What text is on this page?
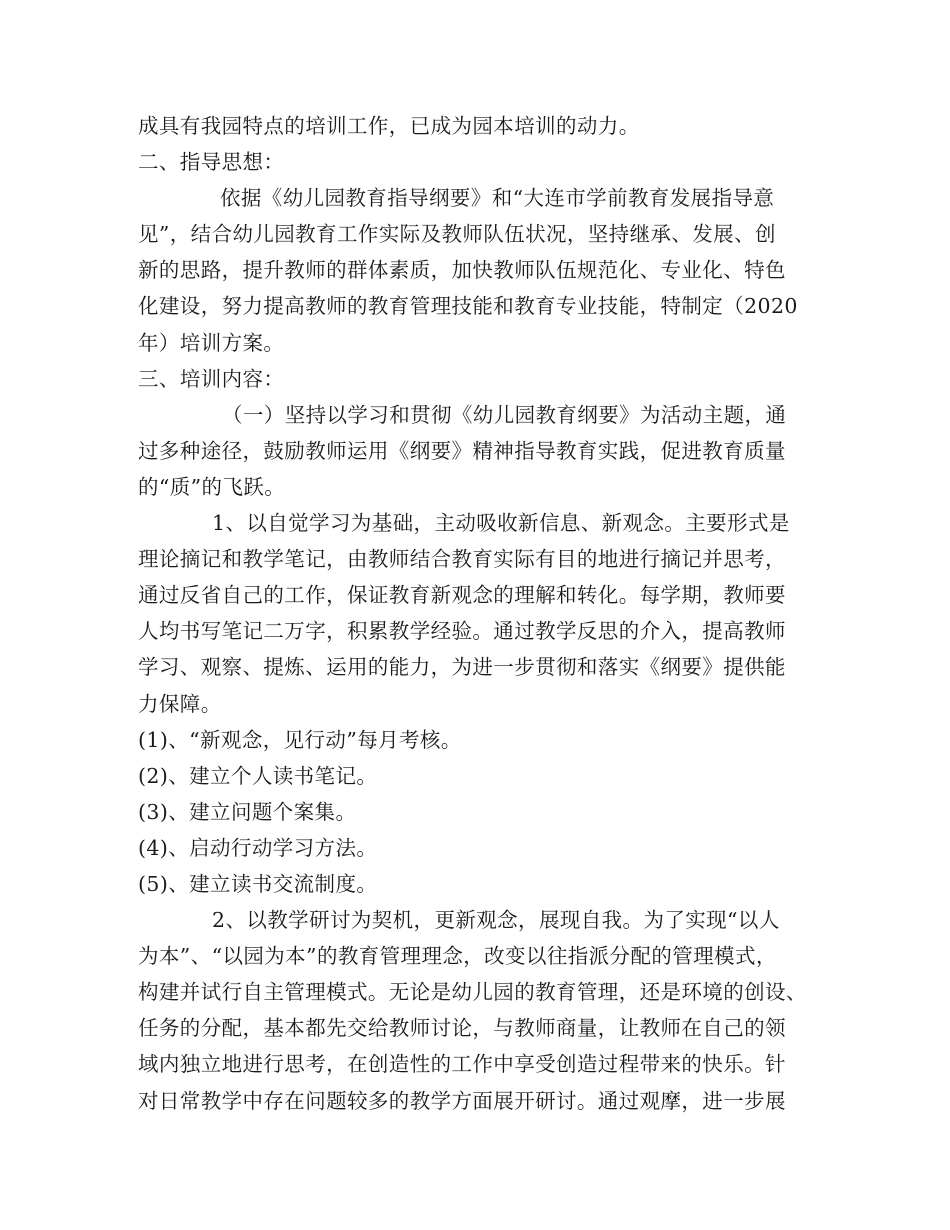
成具有我园特点的培训工作，已成为园本培训的动力。
二、指导思想：
依据《幼儿园教育指导纲要》和“大连市学前教育发展指导意
见”，结合幼儿园教育工作实际及教师队伍状况，坚持继承、发展、创
新的思路，提升教师的群体素质，加快教师队伍规范化、专业化、特色
化建设，努力提高教师的教育管理技能和教育专业技能，特制定（2020
年）培训方案。
三、培训内容：
（一）坚持以学习和贯彻《幼儿园教育纲要》为活动主题，通
过多种途径，鼓励教师运用《纲要》精神指导教育实践，促进教育质量
的“质”的飞跃。
1、以自觉学习为基础，主动吸收新信息、新观念。主要形式是
理论摘记和教学笔记，由教师结合教育实际有目的地进行摘记并思考，
通过反省自己的工作，保证教育新观念的理解和转化。每学期，教师要
人均书写笔记二万字，积累教学经验。通过教学反思的介入，提高教师
学习、观察、提炼、运用的能力，为进一步贯彻和落实《纲要》提供能
力保障。
(1)、“新观念，见行动”每月考核。
(2)、建立个人读书笔记。
(3)、建立问题个案集。
(4)、启动行动学习方法。
(5)、建立读书交流制度。
2、以教学研讨为契机，更新观念，展现自我。为了实现“以人
为本”、“以园为本”的教育管理理念，改变以往指派分配的管理模式，
构建并试行自主管理模式。无论是幼儿园的教育管理，还是环境的创设、
任务的分配，基本都先交给教师讨论，与教师商量，让教师在自己的领
域内独立地进行思考，在创造性的工作中享受创造过程带来的快乐。针
对日常教学中存在问题较多的教学方面展开研讨。通过观摩，进一步展
